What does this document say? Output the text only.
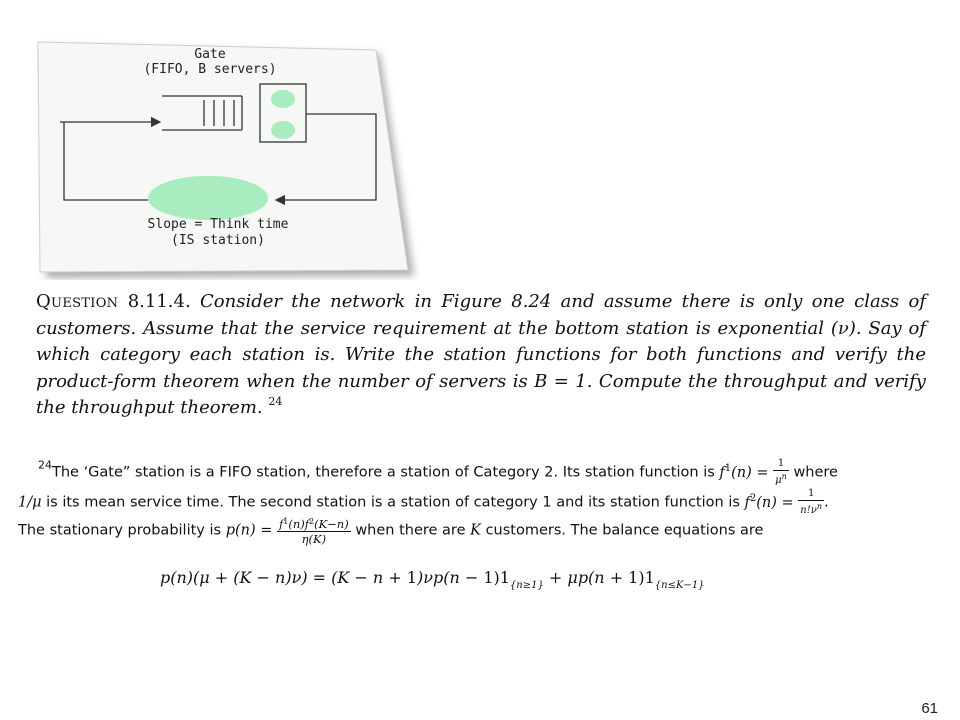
Gate
(FIFO, B servers)
Slope = Think time
(IS station)
Question 8.11.4. Consider the network in Figure 8.24 and assume there is only one class of customers. Assume that the service requirement at the bottom station is exponential (ν). Say of which category each station is. Write the station functions for both functions and verify the product-form theorem when the number of servers is B = 1. Compute the throughput and verify the throughput theorem. $^{24}$
$^{24}$The ‘Gate” station is a FIFO station, therefore a station of Category 2. Its station function is $f^1(n) = \frac{1}{\mu^n}$ where
1/μ is its mean service time. The second station is a station of category 1 and its station function is $f^2(n) = \frac{1}{n!\nu^n}$ .
The stationary probability is $p(n) = \frac{f^1(n)f^2(K-n)}{\eta(K)}$ when there are K customers. The balance equations are
$p(n)(\mu + (K - n)\nu) = (K - n + 1)\nu p(n - 1)1_{\{n\ge 1\}} + \mu p(n + 1)1_{\{n\le K-1\}}$
61
